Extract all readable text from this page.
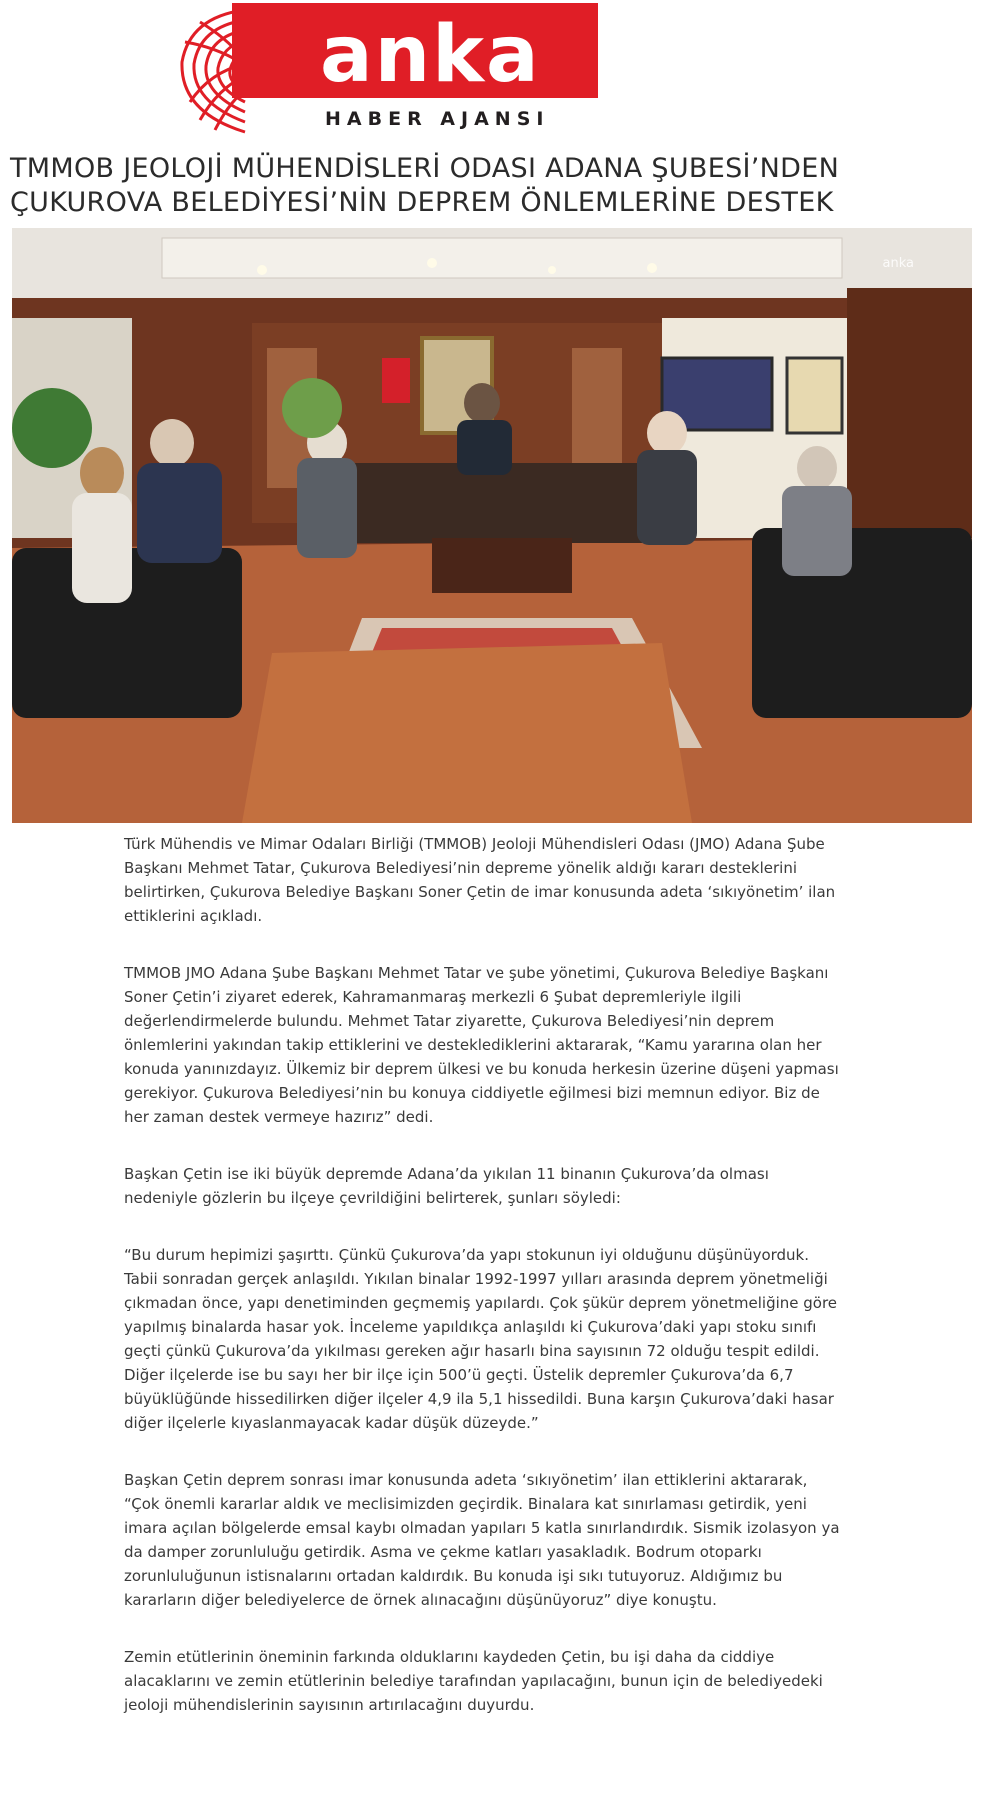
anka
HABER AJANSI
TMMOB JEOLOJİ MÜHENDİSLERİ ODASI ADANA ŞUBESİ’NDEN
ÇUKUROVA BELEDİYESİ’NİN DEPREM ÖNLEMLERİNE DESTEK
anka

Türk Mühendis ve Mimar Odaları Birliği (TMMOB) Jeoloji Mühendisleri Odası (JMO) Adana Şube Başkanı Mehmet Tatar, Çukurova Belediyesi’nin depreme yönelik aldığı kararı desteklerini belirtirken, Çukurova Belediye Başkanı Soner Çetin de imar konusunda adeta ‘sıkıyönetim’ ilan ettiklerini açıkladı.

TMMOB JMO Adana Şube Başkanı Mehmet Tatar ve şube yönetimi, Çukurova Belediye Başkanı Soner Çetin’i ziyaret ederek, Kahramanmaraş merkezli 6 Şubat depremleriyle ilgili değerlendirmelerde bulundu. Mehmet Tatar ziyarette, Çukurova Belediyesi’nin deprem önlemlerini yakından takip ettiklerini ve desteklediklerini aktararak, “Kamu yararına olan her konuda yanınızdayız. Ülkemiz bir deprem ülkesi ve bu konuda herkesin üzerine düşeni yapması gerekiyor. Çukurova Belediyesi’nin bu konuya ciddiyetle eğilmesi bizi memnun ediyor. Biz de her zaman destek vermeye hazırız” dedi.

Başkan Çetin ise iki büyük depremde Adana’da yıkılan 11 binanın Çukurova’da olması nedeniyle gözlerin bu ilçeye çevrildiğini belirterek, şunları söyledi:

“Bu durum hepimizi şaşırttı. Çünkü Çukurova’da yapı stokunun iyi olduğunu düşünüyorduk. Tabii sonradan gerçek anlaşıldı. Yıkılan binalar 1992-1997 yılları arasında deprem yönetmeliği çıkmadan önce, yapı denetiminden geçmemiş yapılardı. Çok şükür deprem yönetmeliğine göre yapılmış binalarda hasar yok. İnceleme yapıldıkça anlaşıldı ki Çukurova’daki yapı stoku sınıfı geçti çünkü Çukurova’da yıkılması gereken ağır hasarlı bina sayısının 72 olduğu tespit edildi. Diğer ilçelerde ise bu sayı her bir ilçe için 500’ü geçti. Üstelik depremler Çukurova’da 6,7 büyüklüğünde hissedilirken diğer ilçeler 4,9 ila 5,1 hissedildi. Buna karşın Çukurova’daki hasar diğer ilçelerle kıyaslanmayacak kadar düşük düzeyde.”

Başkan Çetin deprem sonrası imar konusunda adeta ‘sıkıyönetim’ ilan ettiklerini aktararak, “Çok önemli kararlar aldık ve meclisimizden geçirdik. Binalara kat sınırlaması getirdik, yeni imara açılan bölgelerde emsal kaybı olmadan yapıları 5 katla sınırlandırdık. Sismik izolasyon ya da damper zorunluluğu getirdik. Asma ve çekme katları yasakladık. Bodrum otoparkı zorunluluğunun istisnalarını ortadan kaldırdık. Bu konuda işi sıkı tutuyoruz. Aldığımız bu kararların diğer belediyelerce de örnek alınacağını düşünüyoruz” diye konuştu.

Zemin etütlerinin öneminin farkında olduklarını kaydeden Çetin, bu işi daha da ciddiye alacaklarını ve zemin etütlerinin belediye tarafından yapılacağını, bunun için de belediyedeki jeoloji mühendislerinin sayısının artırılacağını duyurdu.
